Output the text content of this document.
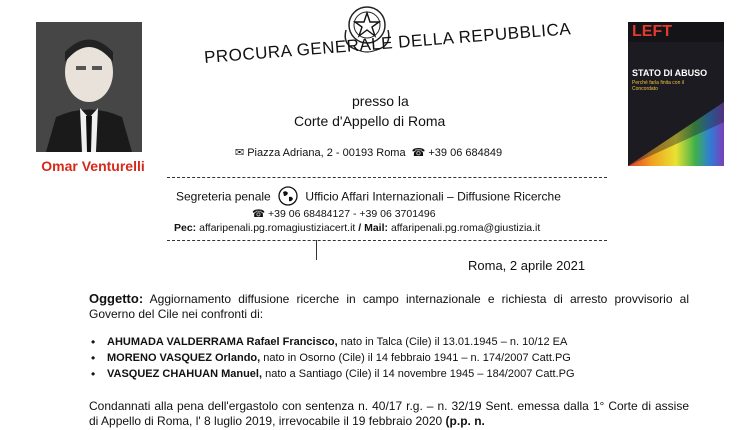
Omar Venturelli
PROCURA GENERALE DELLA REPUBBLICA
presso la
Corte d'Appello di Roma
✉ Piazza Adriana, 2 - 00193 Roma ☎ +39 06 684849
LEFT
STATO DI ABUSO
Perché farla finita con il Concordato
Segreteria penale	Ufficio Affari Internazionali – Diffusione Ricerche
☎ +39 06 68484127 - +39 06 3701496
Pec: affaripenali.pg.romagiustiziacert.it / Mail: affaripenali.pg.roma@giustizia.it
Roma, 2 aprile 2021
Oggetto: Aggiornamento diffusione ricerche in campo internazionale e richiesta di arresto provvisorio al Governo del Cile nei confronti di:
• AHUMADA VALDERRAMA Rafael Francisco, nato in Talca (Cile) il 13.01.1945 – n. 10/12 EA
• MORENO VASQUEZ Orlando, nato in Osorno (Cile) il 14 febbraio 1941 – n. 174/2007 Catt.PG
• VASQUEZ CHAHUAN Manuel, nato a Santiago (Cile) il 14 novembre 1945 – 184/2007 Catt.PG
Condannati alla pena dell'ergastolo con sentenza n. 40/17 r.g. – n. 32/19 Sent. emessa dalla 1° Corte di assise di Appello di Roma, l' 8 luglio 2019, irrevocabile il 19 febbraio 2020 (p.p. n.
